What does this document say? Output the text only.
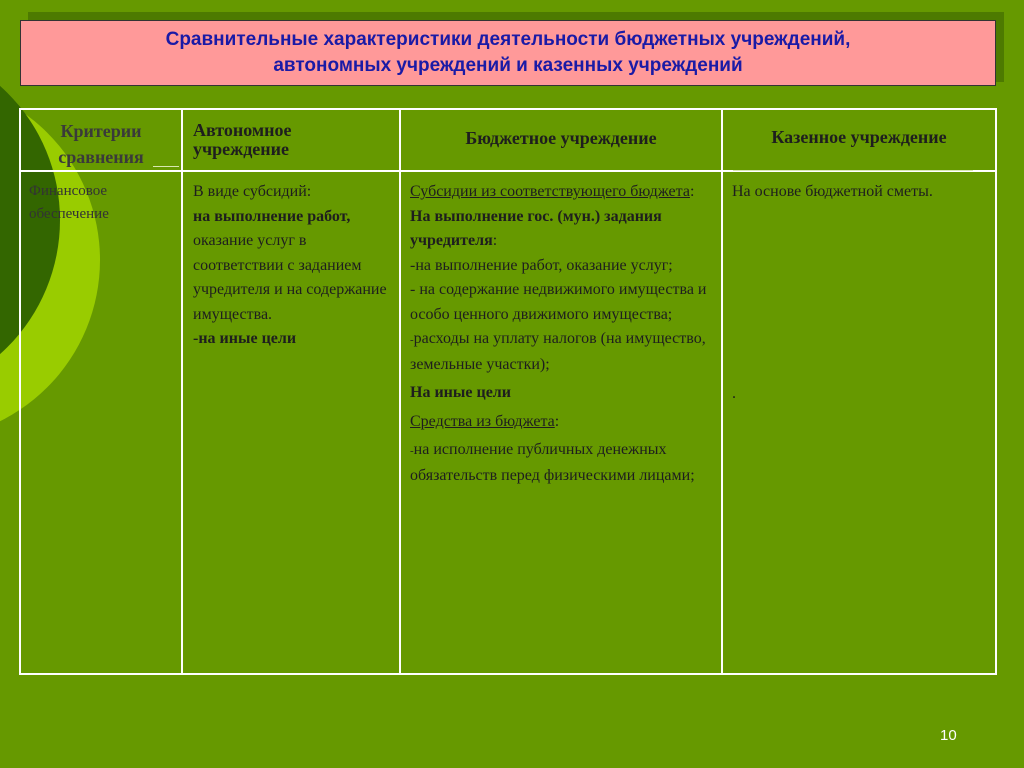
Сравнительные характеристики деятельности бюджетных учреждений,
автономных учреждений и казенных учреждений
Критерии
сравнения
Автономное
учреждение
Бюджетное учреждение	Казенное учреждение
Финансовое
обеспечение
В виде субсидий:
на выполнение работ,
оказание услуг в соответствии с заданием учредителя и на содержание имущества.
-на иные цели
Субсидии из соответствующего бюджета:
На выполнение гос. (мун.) задания учредителя:
-на выполнение работ, оказание услуг;
- на содержание недвижимого имущества и особо ценного движимого имущества;
-расходы на уплату налогов (на имущество, земельные участки);
На иные цели
Средства из бюджета:
-на исполнение публичных денежных обязательств перед физическими лицами;
На основе бюджетной сметы.
.
10
